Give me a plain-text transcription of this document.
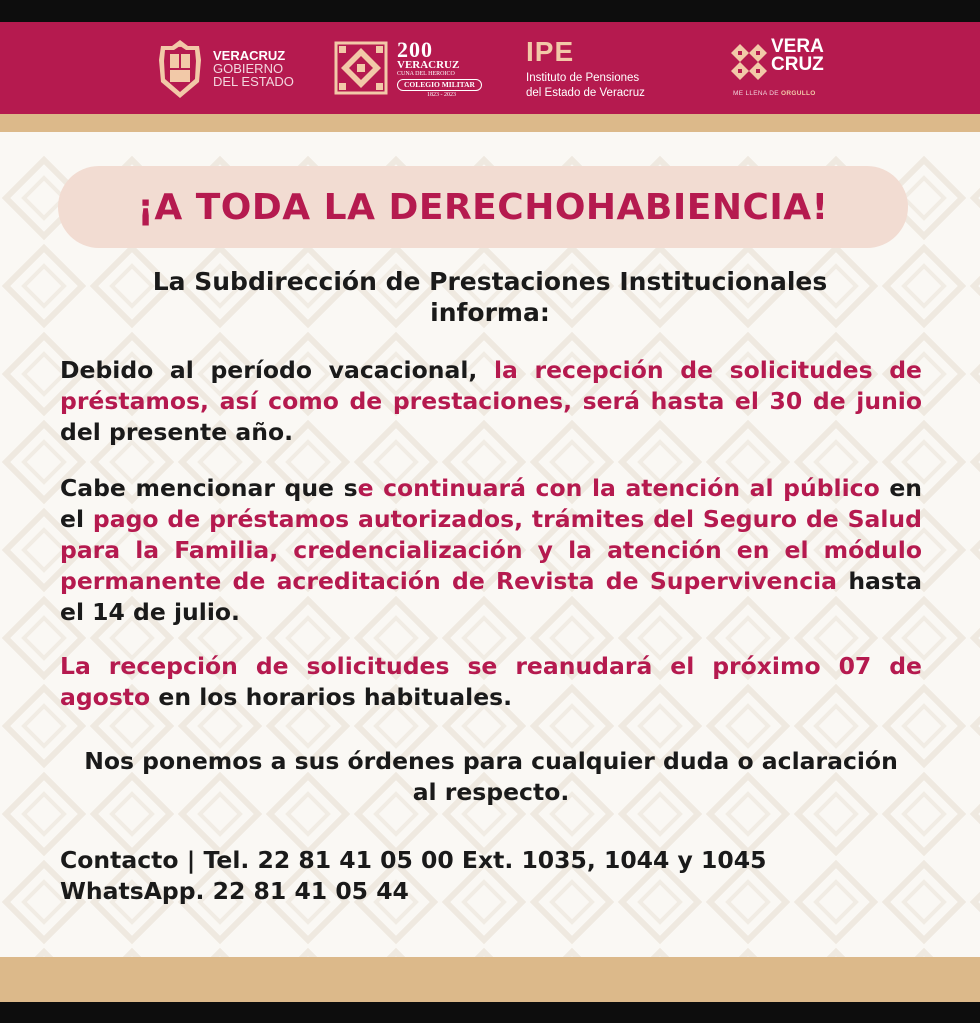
VERACRUZ
GOBIERNO
DEL ESTADO
200
VERACRUZ
CUNA DEL HEROICO
COLEGIO MILITAR
1823 - 2023
IPE
Instituto de Pensiones
del Estado de Veracruz
VERA
CRUZ
ME LLENA DE ORGULLO
¡A TODA LA DERECHOHABIENCIA!
La Subdirección de Prestaciones Institucionales
informa:
Debido al período vacacional, la recepción de solicitudes de préstamos, así como de prestaciones, será hasta el 30 de junio del presente año.
Cabe mencionar que se continuará con la atención al público en el pago de préstamos autorizados, trámites del Seguro de Salud para la Familia, credencialización y la atención en el módulo permanente de acreditación de Revista de Supervivencia hasta el 14 de julio.
La recepción de solicitudes se reanudará el próximo 07 de agosto en los horarios habituales.
Nos ponemos a sus órdenes para cualquier duda o aclaración
al respecto.
Contacto | Tel. 22 81 41 05 00 Ext. 1035, 1044 y 1045
WhatsApp. 22 81 41 05 44
